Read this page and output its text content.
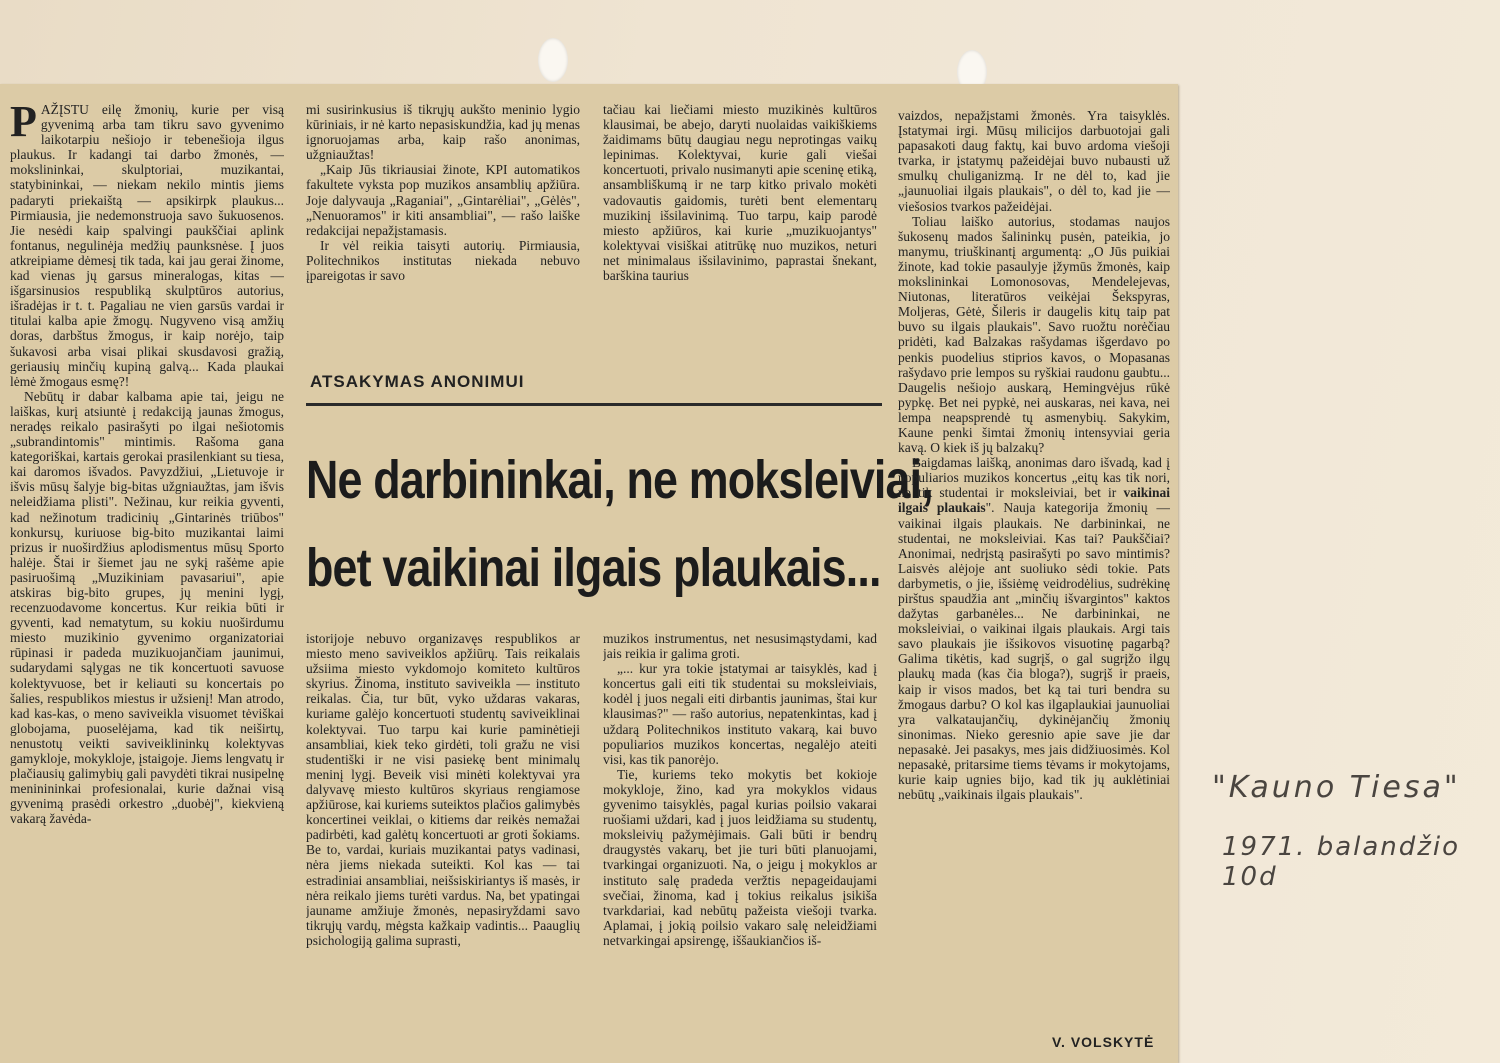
PAŽĮSTU eilę žmonių, kurie per visą gyvenimą arba tam tikru savo gyvenimo laikotarpiu nešiojo ir tebenešioja ilgus plaukus. Ir kadangi tai darbo žmonės, — mokslininkai, skulptoriai, muzikantai, statybininkai, — niekam nekilo mintis jiems padaryti priekaištą — apsikirpk plaukus... Pirmiausia, jie nedemonstruoja savo šukuosenos. Jie nesėdi kaip spalvingi paukščiai aplink fontanus, negulinėja medžių paunksnėse. Į juos atkreipiame dėmesį tik tada, kai jau gerai žinome, kad vienas jų garsus mineralogas, kitas — išgarsinusios respubliką skulptūros autorius, išradėjas ir t. t. Pagaliau ne vien garsūs vardai ir titulai kalba apie žmogų. Nugyveno visą amžių doras, darbštus žmogus, ir kaip norėjo, taip šukavosi arba visai plikai skusdavosi gražią, geriausių minčių kupiną galvą... Kada plaukai lėmė žmogaus esmę?!

Nebūtų ir dabar kalbama apie tai, jeigu ne laiškas, kurį atsiuntė į redakciją jaunas žmogus, neradęs reikalo pasirašyti po ilgai nešiotomis „subrandintomis" mintimis. Rašoma gana kategoriškai, kartais gerokai prasilenkiant su tiesa, kai daromos išvados. Pavyzdžiui, „Lietuvoje ir išvis mūsų šalyje big-bitas užgniaužtas, jam išvis neleidžiama plisti". Nežinau, kur reikia gyventi, kad nežinotum tradicinių „Gintarinės triūbos" konkursų, kuriuose big-bito muzikantai laimi prizus ir nuoširdžius aplodismentus mūsų Sporto halėje. Štai ir šiemet jau ne sykį rašėme apie pasiruošimą „Muzikiniam pavasariui", apie atskiras big-bito grupes, jų menini lygį, recenzuodavome koncertus. Kur reikia būti ir gyventi, kad nematytum, su kokiu nuoširdumu miesto muzikinio gyvenimo organizatoriai rūpinasi ir padeda muzikuojančiam jaunimui, sudarydami sąlygas ne tik koncertuoti savuose kolektyvuose, bet ir keliauti su koncertais po šalies, respublikos miestus ir užsienį! Man atrodo, kad kas-kas, o meno saviveikla visuomet tėviškai globojama, puoselėjama, kad tik neiširtų, nenustotų veikti saviveiklininkų kolektyvas gamykloje, mokykloje, įstaigoje. Jiems lengvatų ir plačiausių galimybių gali pavydėti tikrai nusipelnę meninininkai profesionalai, kurie dažnai visą gyvenimą prasėdi orkestro „duobėj", kiekvieną vakarą žavėda-

mi susirinkusius iš tikrųjų aukšto meninio lygio kūriniais, ir nė karto nepasiskundžia, kad jų menas ignoruojamas arba, kaip rašo anonimas, užgniaužtas!

„Kaip Jūs tikriausiai žinote, KPI automatikos fakultete vyksta pop muzikos ansamblių apžiūra. Joje dalyvauja „Raganiai", „Gintarėliai", „Gėlės", „Nenuoramos" ir kiti ansambliai", — rašo laiške redakcijai nepažįstamasis.

Ir vėl reikia taisyti autorių. Pirmiausia, Politechnikos institutas niekada nebuvo įpareigotas ir savo

tačiau kai liečiami miesto muzikinės kultūros klausimai, be abejo, daryti nuolaidas vaikiškiems žaidimams būtų daugiau negu neprotingas vaikų lepinimas. Kolektyvai, kurie gali viešai koncertuoti, privalo nusimanyti apie sceninę etiką, ansambliškumą ir ne tarp kitko privalo mokėti vadovautis gaidomis, turėti bent elementarų muzikinį išsilavinimą. Tuo tarpu, kaip parodė miesto apžiūros, kai kurie „muzikuojantys" kolektyvai visiškai atitrūkę nuo muzikos, neturi net minimalaus išsilavinimo, paprastai šnekant, barškina taurius

ATSAKYMAS ANONIMUI
Ne darbininkai, ne moksleiviai,
bet vaikinai ilgais plaukais...

istorijoje nebuvo organizavęs respublikos ar miesto meno saviveiklos apžiūrų. Tais reikalais užsiima miesto vykdomojo komiteto kultūros skyrius. Žinoma, instituto saviveikla — instituto reikalas. Čia, tur būt, vyko uždaras vakaras, kuriame galėjo koncertuoti studentų saviveiklinai kolektyvai. Tuo tarpu kai kurie paminėtieji ansambliai, kiek teko girdėti, toli gražu ne visi studentiški ir ne visi pasiekę bent minimalų meninį lygį. Beveik visi minėti kolektyvai yra dalyvavę miesto kultūros skyriaus rengiamose apžiūrose, kai kuriems suteiktos plačios galimybės koncertinei veiklai, o kitiems dar reikės nemažai padirbėti, kad galėtų koncertuoti ar groti šokiams. Be to, vardai, kuriais muzikantai patys vadinasi, nėra jiems niekada suteikti. Kol kas — tai estradiniai ansambliai, neišsiskiriantys iš masės, ir nėra reikalo jiems turėti vardus. Na, bet ypatingai jauname amžiuje žmonės, nepasiryždami savo tikrųjų vardų, mėgsta kažkaip vadintis... Paauglių psichologiją galima suprasti,

muzikos instrumentus, net nesusimąstydami, kad jais reikia ir galima groti.

„... kur yra tokie įstatymai ar taisyklės, kad į koncertus gali eiti tik studentai su moksleiviais, kodėl į juos negali eiti dirbantis jaunimas, štai kur klausimas?" — rašo autorius, nepatenkintas, kad į uždarą Politechnikos instituto vakarą, kai buvo populiarios muzikos koncertas, negalėjo ateiti visi, kas tik panorėjo.

Tie, kuriems teko mokytis bet kokioje mokykloje, žino, kad yra mokyklos vidaus gyvenimo taisyklės, pagal kurias poilsio vakarai ruošiami uždari, kad į juos leidžiama su studentų, moksleivių pažymėjimais. Gali būti ir bendrų draugystės vakarų, bet jie turi būti planuojami, tvarkingai organizuoti. Na, o jeigu į mokyklos ar instituto salę pradeda veržtis nepageidaujami svečiai, žinoma, kad į tokius reikalus įsikiša tvarkdariai, kad nebūtų pažeista viešoji tvarka. Aplamai, į jokią poilsio vakaro salę neleidžiami netvarkingai apsirengę, iššaukiančios iš-

vaizdos, nepažįstami žmonės. Yra taisyklės. Įstatymai irgi. Mūsų milicijos darbuotojai gali papasakoti daug faktų, kai buvo ardoma viešoji tvarka, ir įstatymų pažeidėjai buvo nubausti už smulkų chuliganizmą. Ir ne dėl to, kad jie „jaunuoliai ilgais plaukais", o dėl to, kad jie — viešosios tvarkos pažeidėjai.

Toliau laiško autorius, stodamas naujos šukosenų mados šalininkų pusėn, pateikia, jo manymu, triuškinantį argumentą: „O Jūs puikiai žinote, kad tokie pasaulyje įžymūs žmonės, kaip mokslininkai Lomonosovas, Mendelejevas, Niutonas, literatūros veikėjai Šekspyras, Moljeras, Gėtė, Šileris ir daugelis kitų taip pat buvo su ilgais plaukais". Savo ruožtu norėčiau pridėti, kad Balzakas rašydamas išgerdavo po penkis puodelius stiprios kavos, o Mopasanas rašydavo prie lempos su ryškiai raudonu gaubtu... Daugelis nešiojo auskarą, Hemingvėjus rūkė pypkę. Bet nei pypkė, nei auskaras, nei kava, nei lempa neapsprendė tų asmenybių. Sakykim, Kaune penki šimtai žmonių intensyviai geria kavą. O kiek iš jų balzakų?

Baigdamas laišką, anonimas daro išvadą, kad į populiarios muzikos koncertus „eitų kas tik nori, ne tik studentai ir moksleiviai, bet ir vaikinai ilgais plaukais". Nauja kategorija žmonių — vaikinai ilgais plaukais. Ne darbininkai, ne studentai, ne moksleiviai. Kas tai? Paukščiai? Anonimai, nedrįstą pasirašyti po savo mintimis? Laisvės alėjoje ant suoliuko sėdi tokie. Pats darbymetis, o jie, išsiėmę veidrodėlius, sudrėkinę pirštus spaudžia ant „minčių išvargintos" kaktos dažytas garbanėles... Ne darbininkai, ne moksleiviai, o vaikinai ilgais plaukais. Argi tais savo plaukais jie išsikovos visuotinę pagarbą? Galima tikėtis, kad sugrįš, o gal sugrįžo ilgų plaukų mada (kas čia bloga?), sugrįš ir praeis, kaip ir visos mados, bet ką tai turi bendra su žmogaus darbu? O kol kas ilgaplaukiai jaunuoliai yra valkataujančių, dykinėjančių žmonių sinonimas. Nieko geresnio apie save jie dar nepasakė. Jei pasakys, mes jais didžiuosimės. Kol nepasakė, pritarsime tiems tėvams ir mokytojams, kurie kaip ugnies bijo, kad tik jų auklėtiniai nebūtų „vaikinais ilgais plaukais".

V. VOLSKYTĖ
"Kauno Tiesa"
1971. balandžio 10d
